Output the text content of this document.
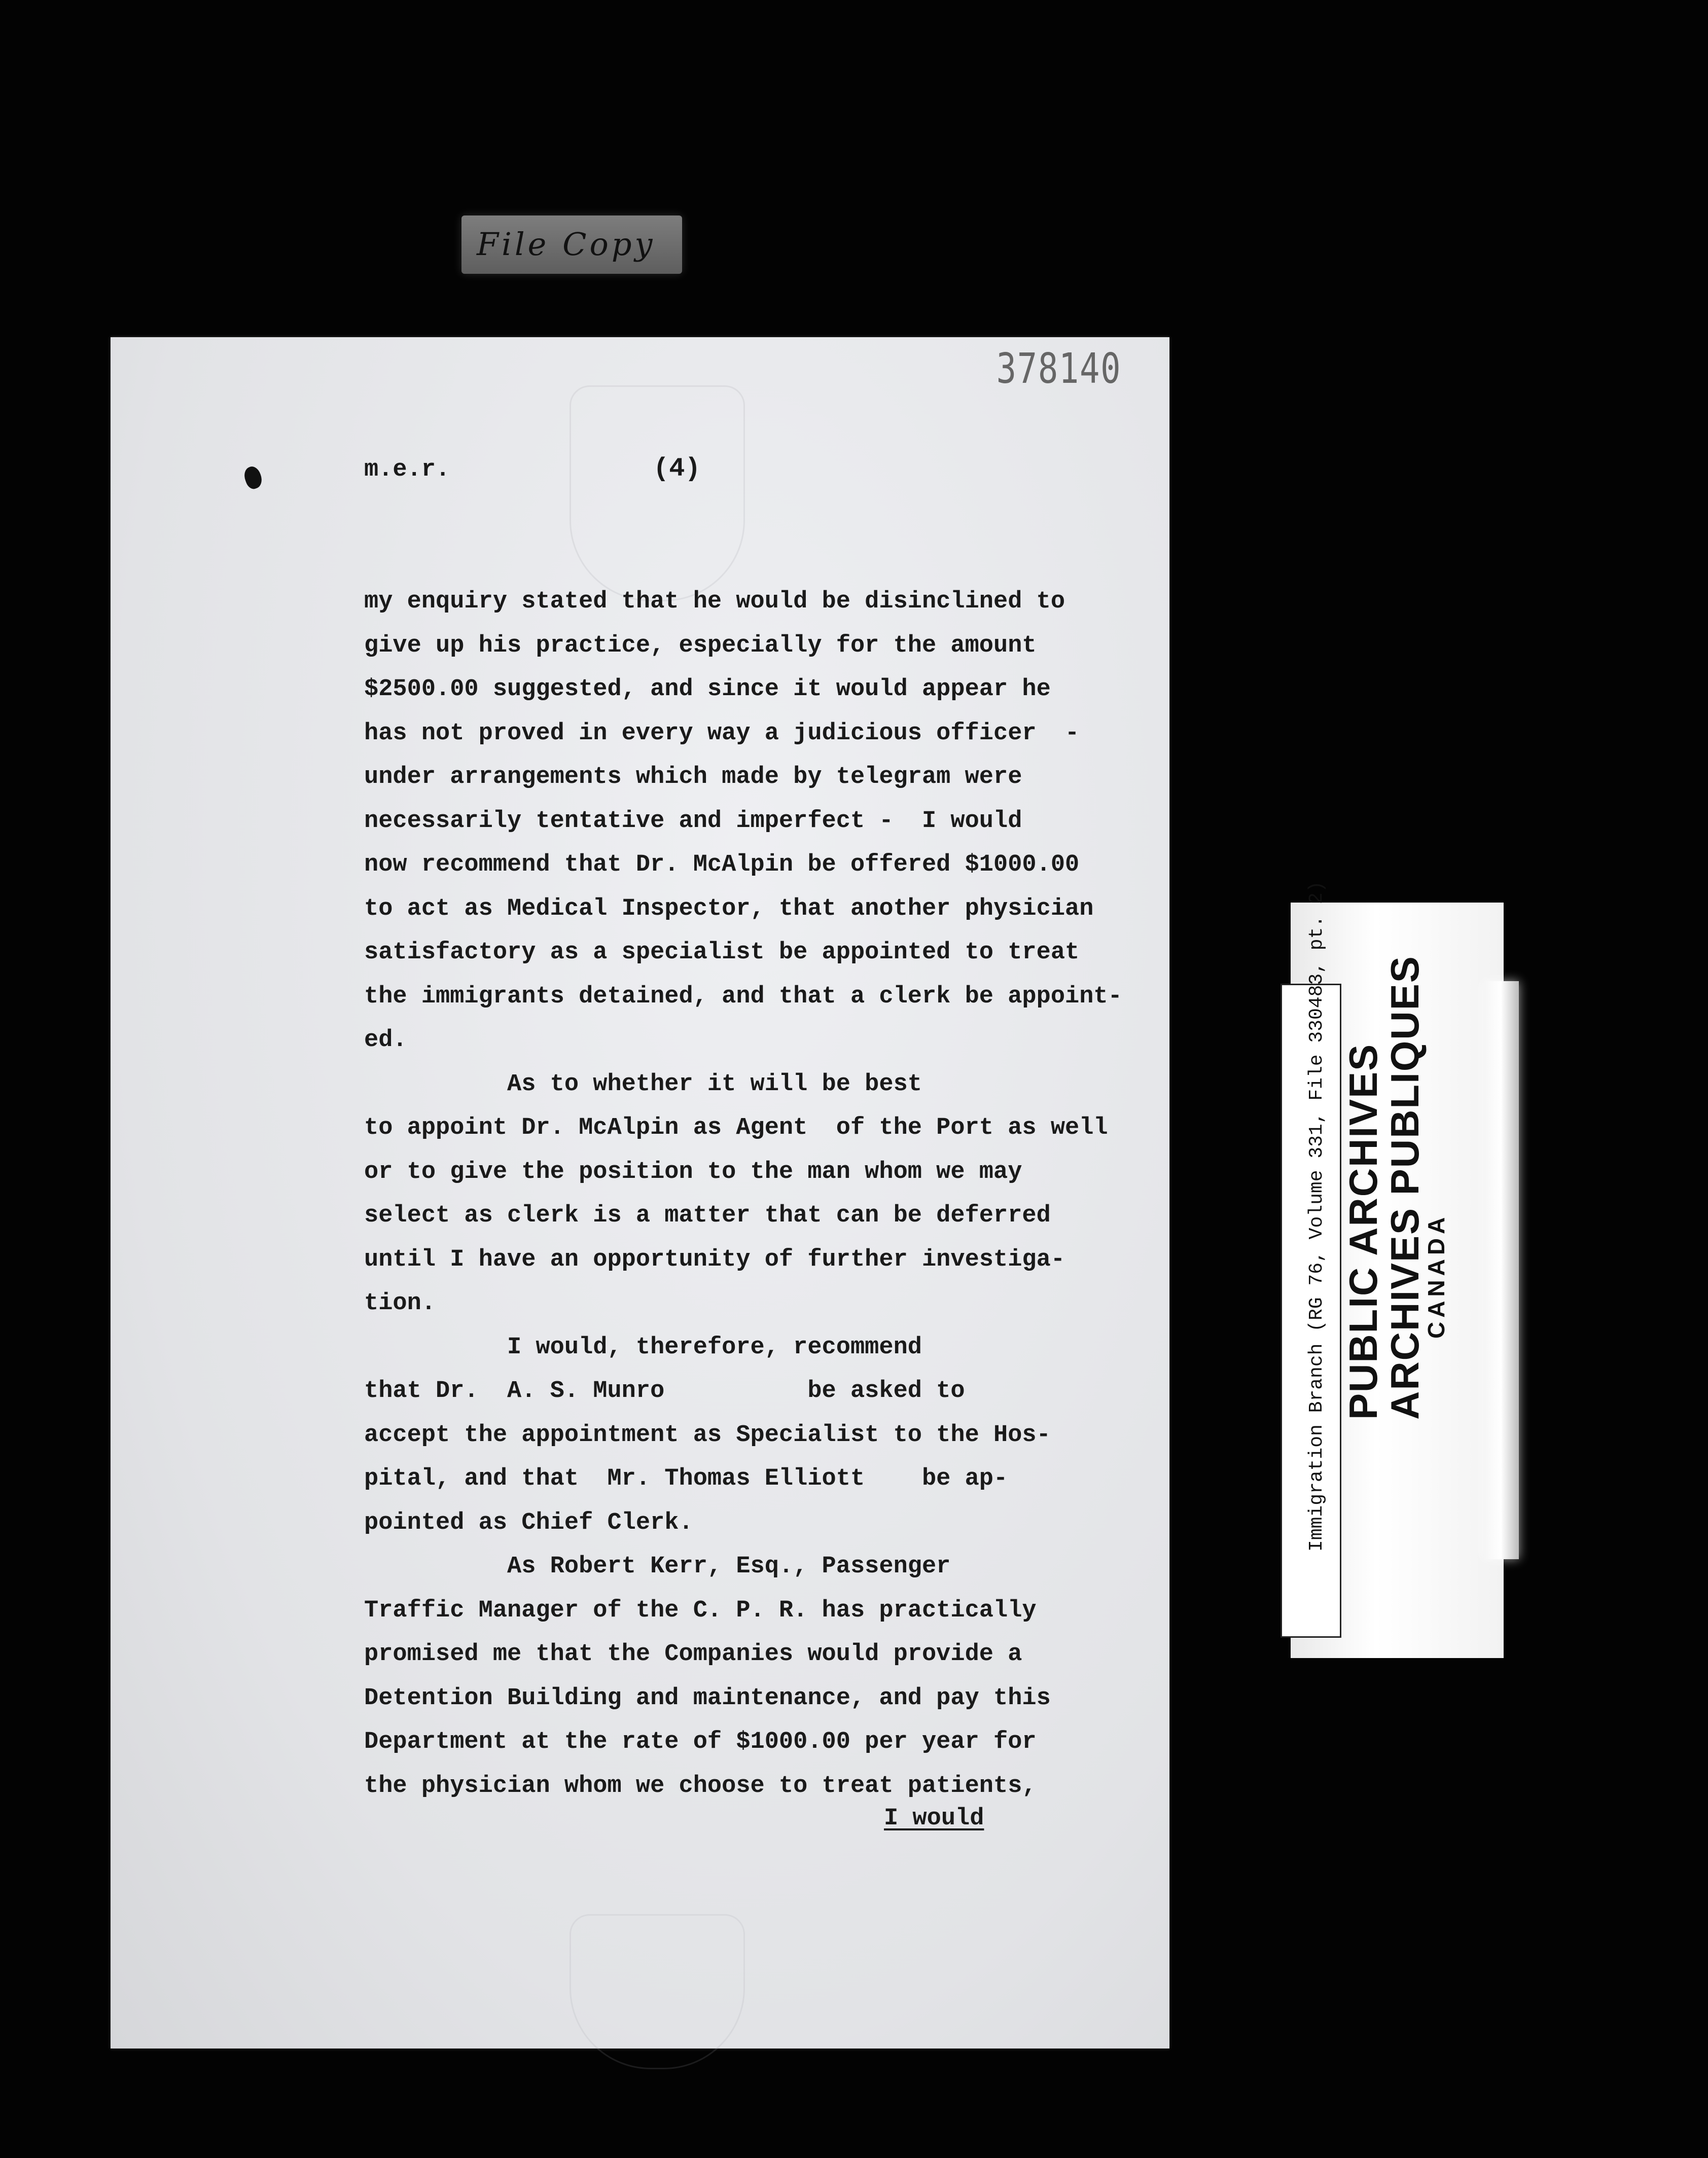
File Copy
378140
m.e.r.	(4)
my enquiry stated that he would be disinclined to
give up his practice, especially for the amount
$2500.00 suggested, and since it would appear he
has not proved in every way a judicious officer  -
under arrangements which made by telegram were
necessarily tentative and imperfect -  I would
now recommend that Dr. McAlpin be offered $1000.00
to act as Medical Inspector, that another physician
satisfactory as a specialist be appointed to treat
the immigrants detained, and that a clerk be appoint-
ed.
As to whether it will be best
to appoint Dr. McAlpin as Agent  of the Port as well
or to give the position to the man whom we may
select as clerk is a matter that can be deferred
until I have an opportunity of further investiga-
tion.
I would, therefore, recommend
that Dr.  A. S. Munro          be asked to
accept the appointment as Specialist to the Hos-
pital, and that  Mr. Thomas Elliott    be ap-
pointed as Chief Clerk.
As Robert Kerr, Esq., Passenger
Traffic Manager of the C. P. R. has practically
promised me that the Companies would provide a
Detention Building and maintenance, and pay this
Department at the rate of $1000.00 per year for
the physician whom we choose to treat patients,
I would
Immigration Branch (RG 76, Volume 331, File 330483, pt. 2) PUBLIC ARCHIVES
ARCHIVES PUBLIQUES
CANADA
